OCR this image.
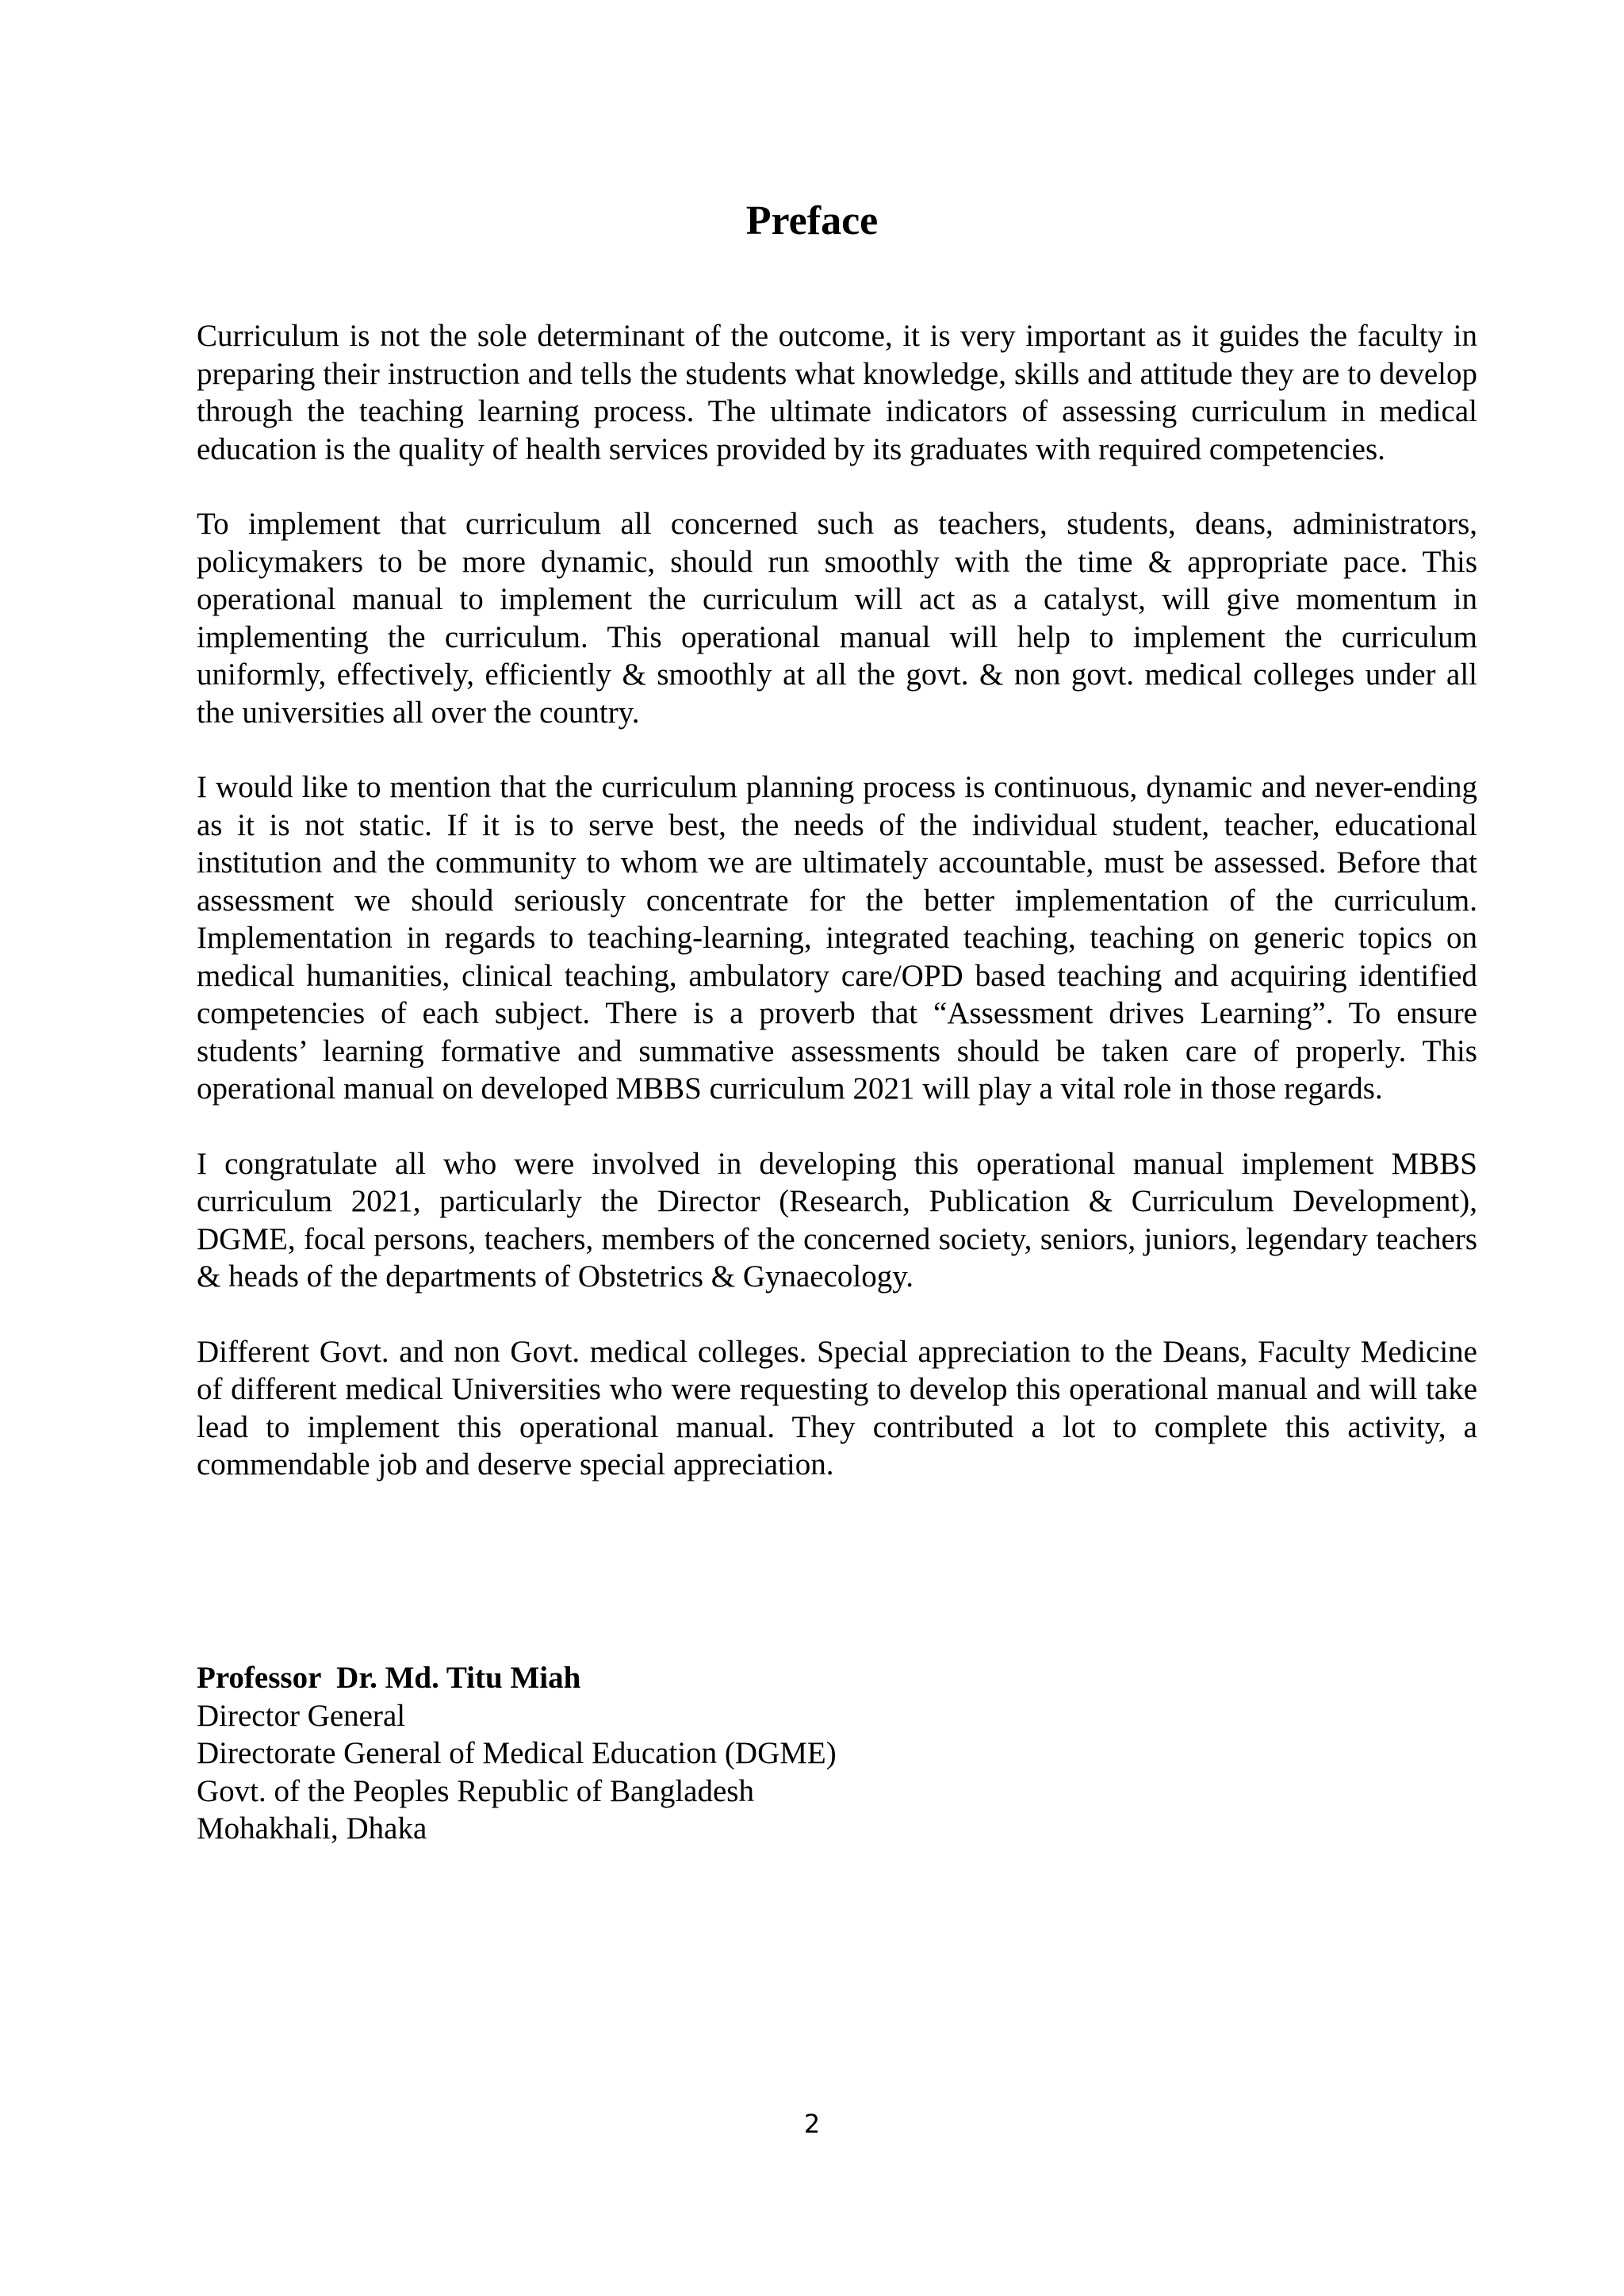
Preface

Curriculum is not the sole determinant of the outcome, it is very important as it guides the faculty in preparing their instruction and tells the students what knowledge, skills and attitude they are to develop through the teaching learning process. The ultimate indicators of assessing curriculum in medical education is the quality of health services provided by its graduates with required competencies.

To implement that curriculum all concerned such as teachers, students, deans, administrators, policymakers to be more dynamic, should run smoothly with the time & appropriate pace. This operational manual to implement the curriculum will act as a catalyst, will give momentum in implementing the curriculum. This operational manual will help to implement the curriculum uniformly, effectively, efficiently & smoothly at all the govt. & non govt. medical colleges under all the universities all over the country.

I would like to mention that the curriculum planning process is continuous, dynamic and never-ending as it is not static. If it is to serve best, the needs of the individual student, teacher, educational institution and the community to whom we are ultimately accountable, must be assessed. Before that assessment we should seriously concentrate for the better implementation of the curriculum. Implementation in regards to teaching-learning, integrated teaching, teaching on generic topics on medical humanities, clinical teaching, ambulatory care/OPD based teaching and acquiring identified competencies of each subject. There is a proverb that “Assessment drives Learning”. To ensure students’ learning formative and summative assessments should be taken care of properly. This operational manual on developed MBBS curriculum 2021 will play a vital role in those regards.

I congratulate all who were involved in developing this operational manual implement MBBS curriculum 2021, particularly the Director (Research, Publication & Curriculum Development), DGME, focal persons, teachers, members of the concerned society, seniors, juniors, legendary teachers & heads of the departments of Obstetrics & Gynaecology.

Different Govt. and non Govt. medical colleges. Special appreciation to the Deans, Faculty Medicine of different medical Universities who were requesting to develop this operational manual and will take lead to implement this operational manual. They contributed a lot to complete this activity, a commendable job and deserve special appreciation.

Professor  Dr. Md. Titu Miah
Director General
Directorate General of Medical Education (DGME)
Govt. of the Peoples Republic of Bangladesh
Mohakhali, Dhaka
2
